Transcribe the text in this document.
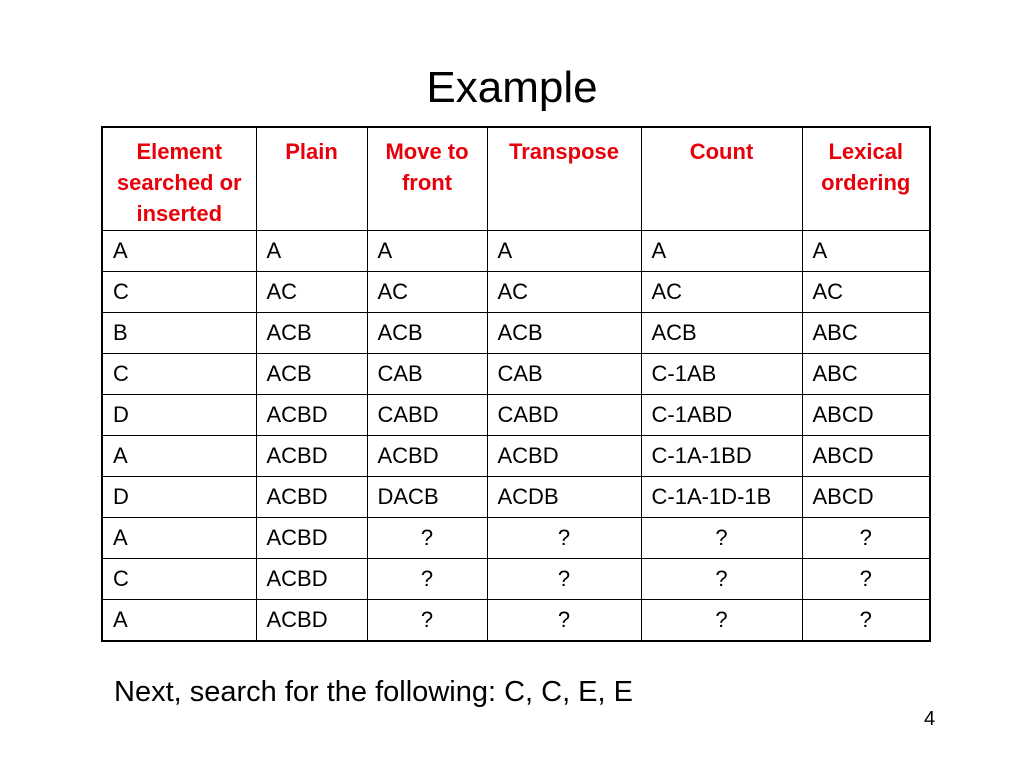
Example
Element searched or inserted	Plain	Move to front	Transpose	Count	Lexical ordering
A	A	A	A	A	A
C	AC	AC	AC	AC	AC
B	ACB	ACB	ACB	ACB	ABC
C	ACB	CAB	CAB	C-1AB	ABC
D	ACBD	CABD	CABD	C-1ABD	ABCD
A	ACBD	ACBD	ACBD	C-1A-1BD	ABCD
D	ACBD	DACB	ACDB	C-1A-1D-1B	ABCD
A	ACBD	?	?	?	?
C	ACBD	?	?	?	?
A	ACBD	?	?	?	?
Next, search for the following: C, C, E, E
4
